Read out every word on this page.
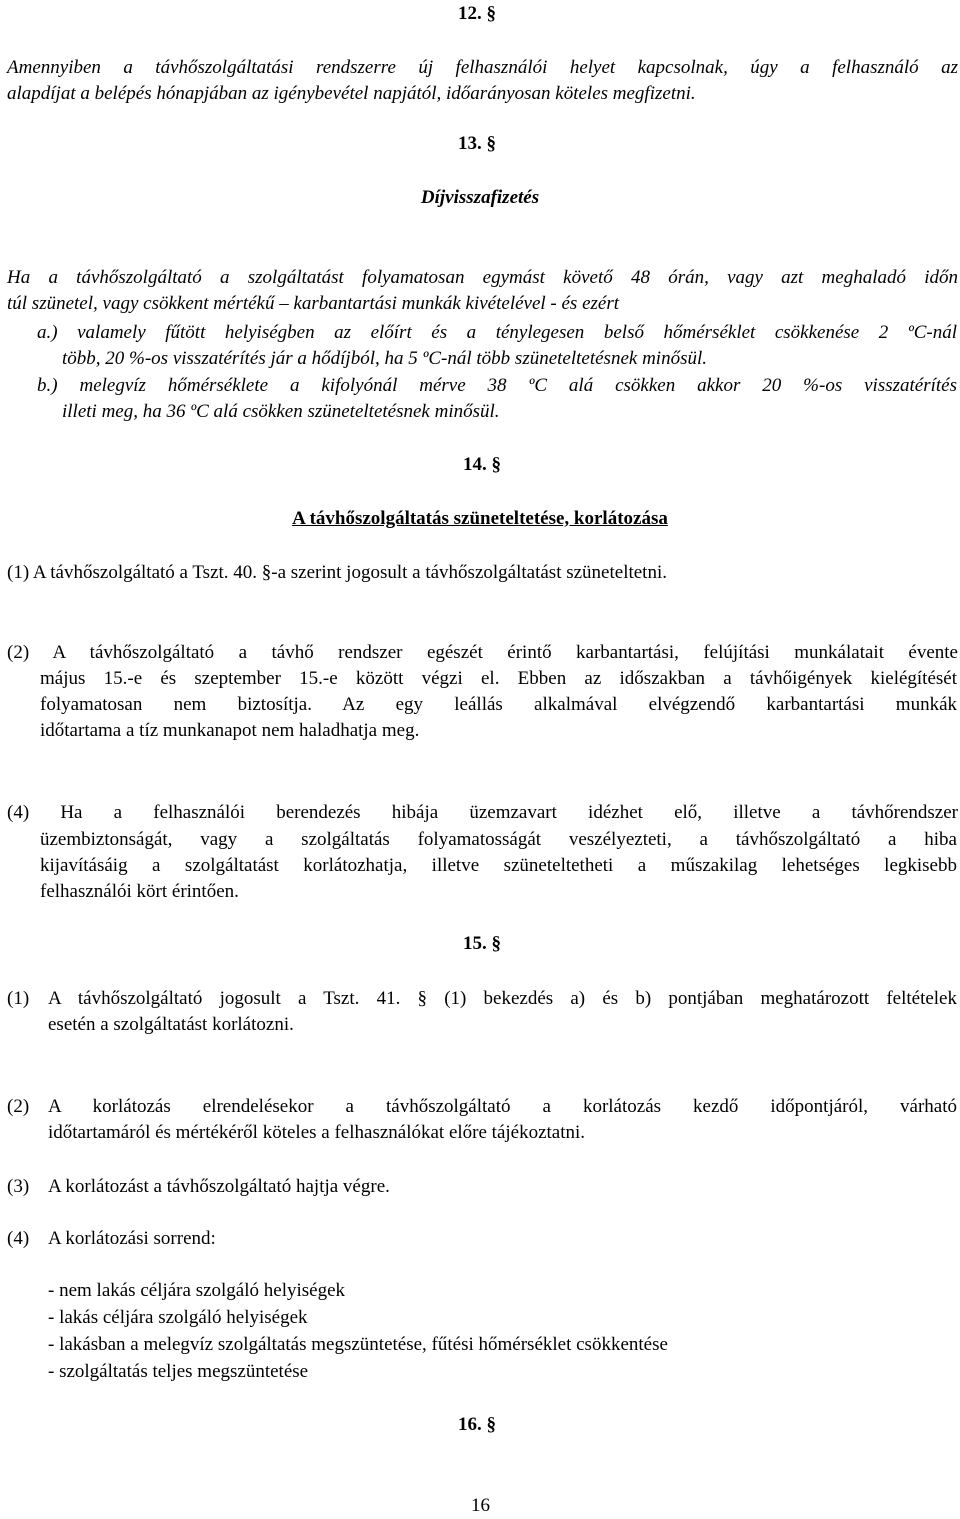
12. §
Amennyiben a távhőszolgáltatási rendszerre új felhasználói helyet kapcsolnak, úgy a felhasználó az
alapdíjat a belépés hónapjában az igénybevétel napjától, időarányosan köteles megfizetni.
13. §
Díjvisszafizetés
Ha a távhőszolgáltató a szolgáltatást folyamatosan egymást követő 48 órán, vagy azt meghaladó időn
túl szünetel, vagy csökkent mértékű – karbantartási munkák kivételével - és ezért
a.) valamely fűtött helyiségben az előírt és a ténylegesen belső hőmérséklet csökkenése 2 ºC-nál
több, 20 %-os visszatérítés jár a hődíjból, ha 5 ºC-nál több szüneteltetésnek minősül.
b.) melegvíz hőmérséklete a kifolyónál mérve 38 ºC alá csökken akkor 20 %-os visszatérítés
illeti meg, ha 36 ºC alá csökken szüneteltetésnek minősül.
14. §
A távhőszolgáltatás szüneteltetése, korlátozása
(1) A távhőszolgáltató a Tszt. 40. §-a szerint jogosult a távhőszolgáltatást szüneteltetni.
(2) A távhőszolgáltató a távhő rendszer egészét érintő karbantartási, felújítási munkálatait évente
május 15.-e és szeptember 15.-e között végzi el. Ebben az időszakban a távhőigények kielégítését
folyamatosan nem biztosítja. Az egy leállás alkalmával elvégzendő karbantartási munkák
időtartama a tíz munkanapot nem haladhatja meg.
(4) Ha a felhasználói berendezés hibája üzemzavart idézhet elő, illetve a távhőrendszer
üzembiztonságát, vagy a szolgáltatás folyamatosságát veszélyezteti, a távhőszolgáltató a hiba
kijavításáig a szolgáltatást korlátozhatja, illetve szüneteltetheti a műszakilag lehetséges legkisebb
felhasználói kört érintően.
15. §
(1) A távhőszolgáltató jogosult a Tszt. 41. § (1) bekezdés a) és b) pontjában meghatározott feltételek
esetén a szolgáltatást korlátozni.
(2) A korlátozás elrendelésekor a távhőszolgáltató a korlátozás kezdő időpontjáról, várható
időtartamáról és mértékéről köteles a felhasználókat előre tájékoztatni.
(3) A korlátozást a távhőszolgáltató hajtja végre.
(4) A korlátozási sorrend:
- nem lakás céljára szolgáló helyiségek
- lakás céljára szolgáló helyiségek
- lakásban a melegvíz szolgáltatás megszüntetése, fűtési hőmérséklet csökkentése
- szolgáltatás teljes megszüntetése
16. §
16
